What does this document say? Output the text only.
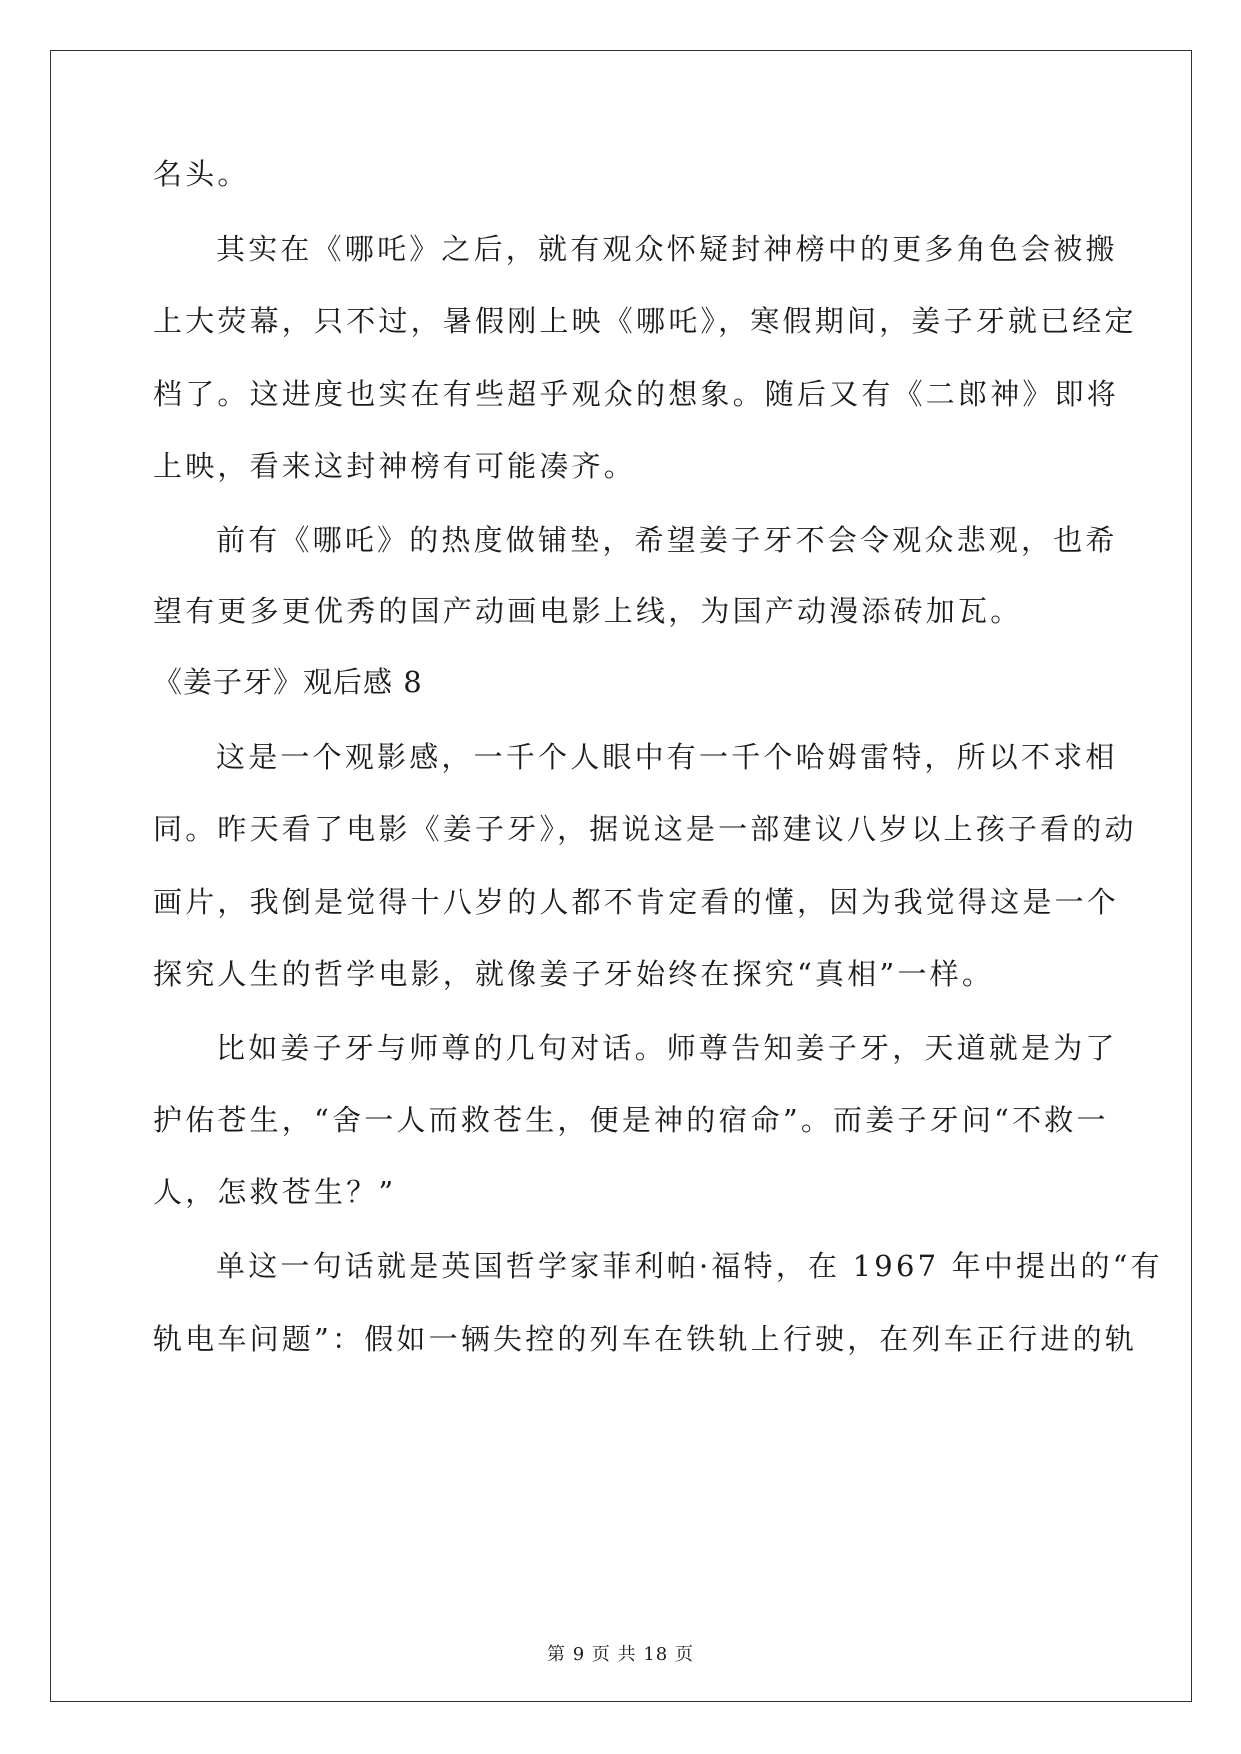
名头。
其实在《哪吒》之后，就有观众怀疑封神榜中的更多角色会被搬
上大荧幕，只不过，暑假刚上映《哪吒》，寒假期间，姜子牙就已经定
档了。这进度也实在有些超乎观众的想象。随后又有《二郎神》即将
上映，看来这封神榜有可能凑齐。
前有《哪吒》的热度做铺垫，希望姜子牙不会令观众悲观，也希
望有更多更优秀的国产动画电影上线，为国产动漫添砖加瓦。
《姜子牙》观后感 8
这是一个观影感，一千个人眼中有一千个哈姆雷特，所以不求相
同。昨天看了电影《姜子牙》，据说这是一部建议八岁以上孩子看的动
画片，我倒是觉得十八岁的人都不肯定看的懂，因为我觉得这是一个
探究人生的哲学电影，就像姜子牙始终在探究“真相”一样。
比如姜子牙与师尊的几句对话。师尊告知姜子牙，天道就是为了
护佑苍生，“舍一人而救苍生，便是神的宿命”。而姜子牙问“不救一
人，怎救苍生？”
单这一句话就是英国哲学家菲利帕·福特，在 1967 年中提出的“有
轨电车问题”：假如一辆失控的列车在铁轨上行驶，在列车正行进的轨
第 9 页 共 18 页
